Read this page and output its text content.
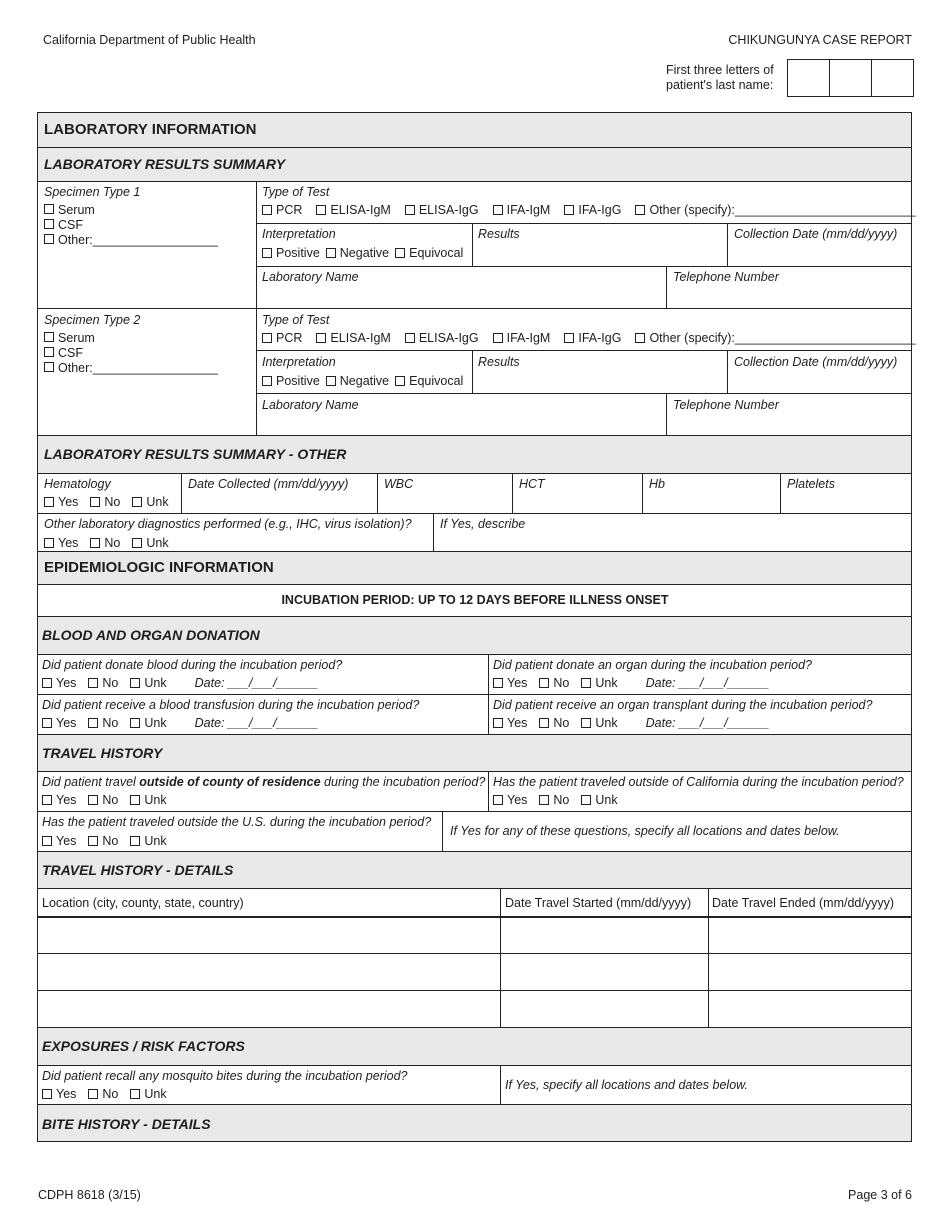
California Department of Public Health	CHIKUNGUNYA CASE REPORT
First three letters of
patient's last name:
LABORATORY INFORMATION
LABORATORY RESULTS SUMMARY
LABORATORY RESULTS SUMMARY - OTHER
EPIDEMIOLOGIC INFORMATION
INCUBATION PERIOD: UP TO 12 DAYS BEFORE ILLNESS ONSET
BLOOD AND ORGAN DONATION
TRAVEL HISTORY
TRAVEL HISTORY - DETAILS
EXPOSURES / RISK FACTORS
BITE HISTORY - DETAILS
Specimen Type 1
Serum
CSF
Other:__________________
Type of Test
PCR ELISA-IgM ELISA-IgG IFA-IgM IFA-IgG Other (specify):__________________________
Interpretation
Positive Negative Equivocal
Results	Collection Date (mm/dd/yyyy)
Laboratory Name	Telephone Number
Specimen Type 2
Serum
CSF
Other:__________________
Type of Test
PCR ELISA-IgM ELISA-IgG IFA-IgM IFA-IgG Other (specify):__________________________
Interpretation
Positive Negative Equivocal
Results	Collection Date (mm/dd/yyyy)
Laboratory Name	Telephone Number
Hematology
Yes No Unk
Date Collected (mm/dd/yyyy)	WBC	HCT	Hb	Platelets
Other laboratory diagnostics performed (e.g., IHC, virus isolation)?
Yes No Unk
If Yes, describe
Did patient donate blood during the incubation period?
Yes No Unk Date: ___/___/______
Did patient donate an organ during the incubation period?
Yes No Unk Date: ___/___/______
Did patient receive a blood transfusion during the incubation period?
Yes No Unk Date: ___/___/______
Did patient receive an organ transplant during the incubation period?
Yes No Unk Date: ___/___/______
Did patient travel outside of county of residence during the incubation period?
Yes No Unk
Has the patient traveled outside of California during the incubation period?
Yes No Unk
Has the patient traveled outside the U.S. during the incubation period?
Yes No Unk
If Yes for any of these questions, specify all locations and dates below.
Location (city, county, state, country)	Date Travel Started (mm/dd/yyyy) Date Travel Ended (mm/dd/yyyy)
Did patient recall any mosquito bites during the incubation period?
Yes No Unk
If Yes, specify all locations and dates below.
CDPH 8618 (3/15)	Page 3 of 6
